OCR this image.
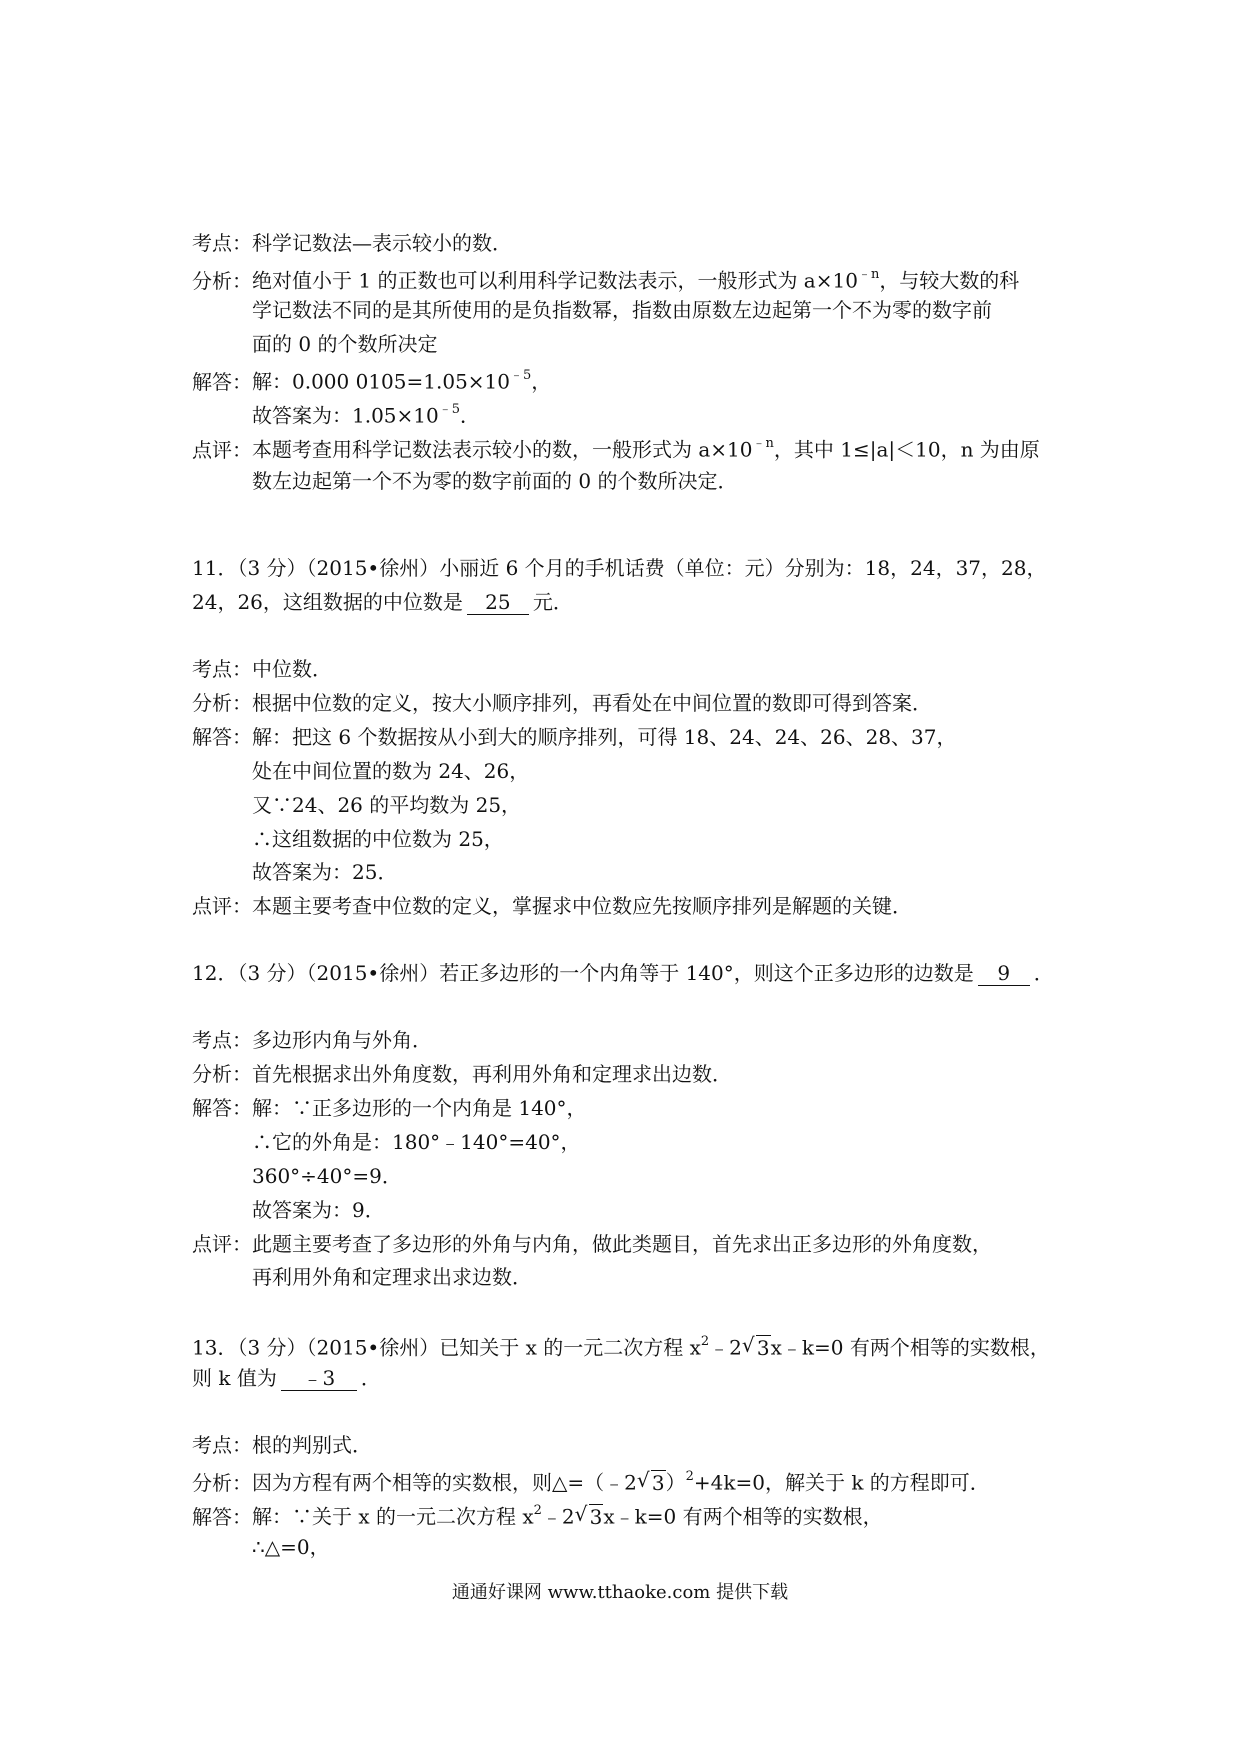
考点：科学记数法—表示较小的数．
分析：绝对值小于 1 的正数也可以利用科学记数法表示，一般形式为 $a\times 10^{﹣n}$，与较大数的科
学记数法不同的是其所使用的是负指数幂，指数由原数左边起第一个不为零的数字前
面的 0 的个数所决定
解答：解：0.000 $0105=1.05\times 10^{﹣5}$，
故答案为：$1.05\times 10^{﹣5}$．
点评：本题考查用科学记数法表示较小的数，一般形式为 $a\times 10^{﹣n}$，其中 1≤|a|＜10，n 为由原
数左边起第一个不为零的数字前面的 0 的个数所决定．
11．（3 分）（2015•徐州）小丽近 6 个月的手机话费（单位：元）分别为：18，24，37，28，
24，26，这组数据的中位数是 25 元．
考点：中位数．
分析：根据中位数的定义，按大小顺序排列，再看处在中间位置的数即可得到答案．
解答：解：把这 6 个数据按从小到大的顺序排列，可得 18、24、24、26、28、37，
处在中间位置的数为 24、26，
又∵24、26 的平均数为 25，
∴这组数据的中位数为 25，
故答案为：25．
点评：本题主要考查中位数的定义，掌握求中位数应先按顺序排列是解题的关键．
12．（3 分）（2015•徐州）若正多边形的一个内角等于 140°，则这个正多边形的边数是 9 ．
考点：多边形内角与外角．
分析：首先根据求出外角度数，再利用外角和定理求出边数．
解答：解：∵正多边形的一个内角是 140°，
∴它的外角是：180°﹣140°=40°，
360°÷40°=9．
故答案为：9．
点评：此题主要考查了多边形的外角与内角，做此类题目，首先求出正多边形的外角度数，
再利用外角和定理求出求边数．
13．（3 分）（2015•徐州）已知关于 x 的一元二次方程 $x^2﹣2√$ 3x﹣k=0 有两个相等的实数根，
则 k 值为 ﹣3 ．
考点：根的判别式．
分析：因为方程有两个相等的实数根，则△=（﹣2√ 3）$^2$+4k=0，解关于 k 的方程即可．
解答：解：∵关于 x 的一元二次方程 $x^2﹣2√$ 3x﹣k=0 有两个相等的实数根，
∴△=0，
通通好课网 www.tthaoke.com 提供下载
